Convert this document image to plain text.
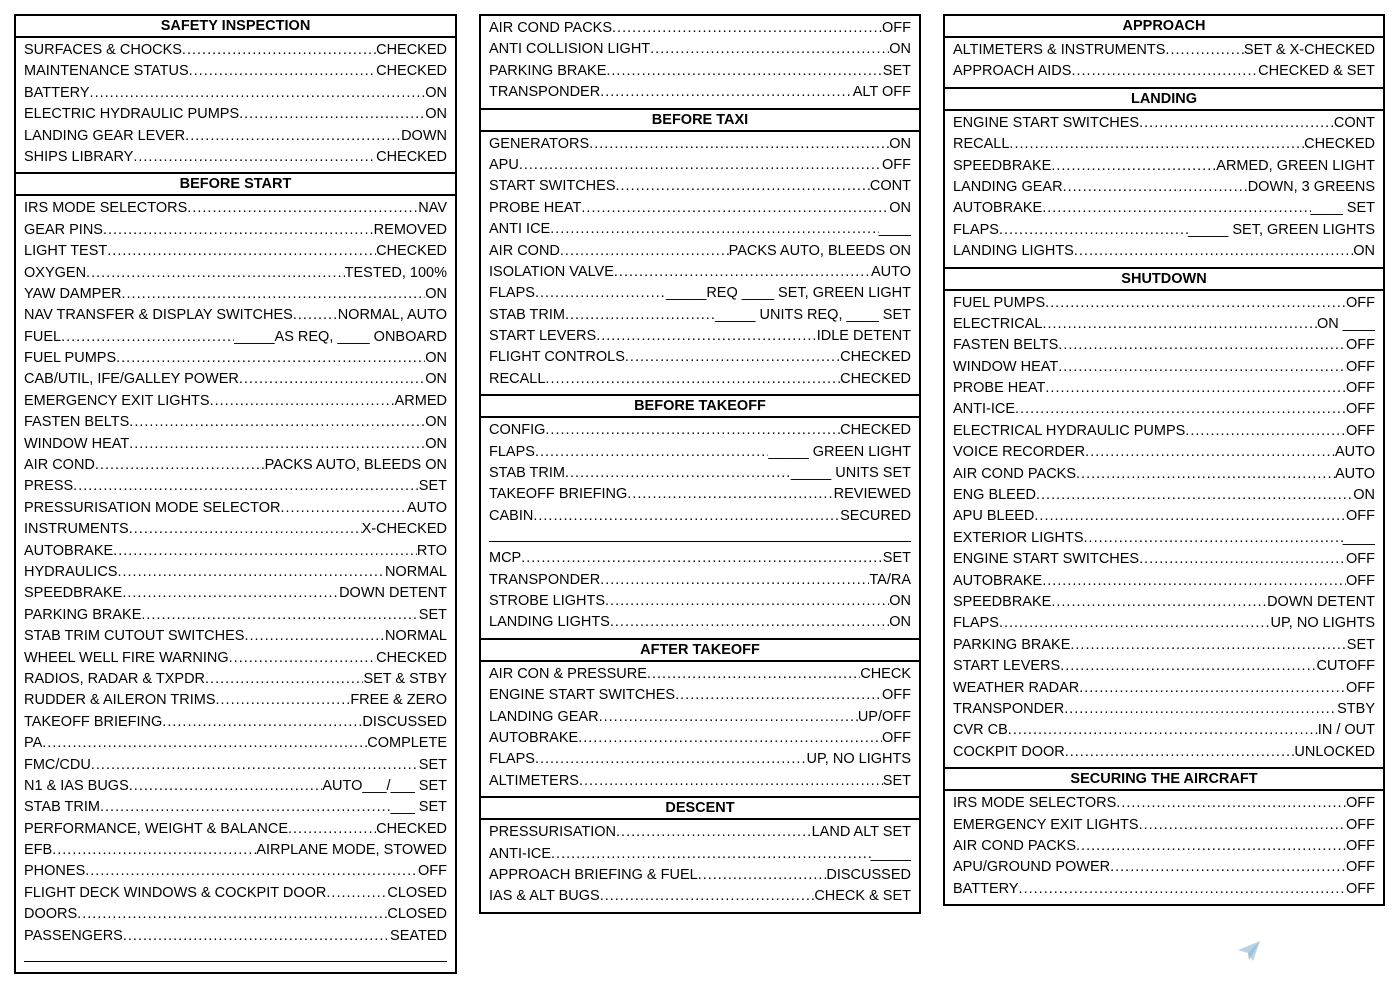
SAFETY INSPECTION
SURFACES & CHOCKS .....	CHECKED
MAINTENANCE STATUS .....	CHECKED
BATTERY .....	ON
ELECTRIC HYDRAULIC PUMPS .....	ON
LANDING GEAR LEVER .....	DOWN
SHIPS LIBRARY .....	CHECKED
BEFORE START
IRS MODE SELECTORS .....	NAV
GEAR PINS .....	REMOVED
LIGHT TEST .....	CHECKED
OXYGEN .....	TESTED, 100%
YAW DAMPER .....	ON
NAV TRANSFER & DISPLAY SWITCHES .....	NORMAL, AUTO
FUEL .....	_____AS REQ, ____ ONBOARD
FUEL PUMPS .....	ON
CAB/UTIL, IFE/GALLEY POWER .....	ON
EMERGENCY EXIT LIGHTS .....	ARMED
FASTEN BELTS .....	ON
WINDOW HEAT .....	ON
AIR COND .....	PACKS AUTO, BLEEDS ON
PRESS .....	SET
PRESSURISATION MODE SELECTOR .....	AUTO
INSTRUMENTS .....	X-CHECKED
AUTOBRAKE .....	RTO
HYDRAULICS .....	NORMAL
SPEEDBRAKE .....	DOWN DETENT
PARKING BRAKE .....	SET
STAB TRIM CUTOUT SWITCHES .....	NORMAL
WHEEL WELL FIRE WARNING .....	CHECKED
RADIOS, RADAR & TXPDR .....	SET & STBY
RUDDER & AILERON TRIMS .....	FREE & ZERO
TAKEOFF BRIEFING .....	DISCUSSED
PA .....	COMPLETE
FMC/CDU .....	SET
N1 & IAS BUGS .....	AUTO___/___ SET
STAB TRIM .....	___ SET
PERFORMANCE, WEIGHT & BALANCE .....	CHECKED
EFB .....	AIRPLANE MODE, STOWED
PHONES .....	OFF
FLIGHT DECK WINDOWS & COCKPIT DOOR .....	CLOSED
DOORS .....	CLOSED
PASSENGERS .....	SEATED
AIR COND PACKS .....	OFF
ANTI COLLISION LIGHT .....	ON
PARKING BRAKE .....	SET
TRANSPONDER .....	ALT OFF
BEFORE TAXI
GENERATORS .....	ON
APU .....	OFF
START SWITCHES .....	CONT
PROBE HEAT .....	ON
ANTI ICE .....	____
AIR COND .....	PACKS AUTO, BLEEDS ON
ISOLATION VALVE .....	AUTO
FLAPS .....	_____REQ ____ SET, GREEN LIGHT
STAB TRIM .....	_____ UNITS REQ, ____ SET
START LEVERS .....	IDLE DETENT
FLIGHT CONTROLS .....	CHECKED
RECALL .....	CHECKED
BEFORE TAKEOFF
CONFIG .....	CHECKED
FLAPS .....	_____ GREEN LIGHT
STAB TRIM .....	_____ UNITS SET
TAKEOFF BRIEFING .....	REVIEWED
CABIN .....	SECURED
MCP .....	SET
TRANSPONDER .....	TA/RA
STROBE LIGHTS .....	ON
LANDING LIGHTS .....	ON
AFTER TAKEOFF
AIR CON & PRESSURE .....	CHECK
ENGINE START SWITCHES .....	OFF
LANDING GEAR .....	UP/OFF
AUTOBRAKE .....	OFF
FLAPS .....	UP, NO LIGHTS
ALTIMETERS .....	SET
DESCENT
PRESSURISATION .....	LAND ALT SET
ANTI-ICE .....	_____
APPROACH BRIEFING & FUEL .....	DISCUSSED
IAS & ALT BUGS .....	CHECK & SET
APPROACH
ALTIMETERS & INSTRUMENTS .....	SET & X-CHECKED
APPROACH AIDS .....	CHECKED & SET
LANDING
ENGINE START SWITCHES .....	CONT
RECALL .....	CHECKED
SPEEDBRAKE .....	ARMED, GREEN LIGHT
LANDING GEAR .....	DOWN, 3 GREENS
AUTOBRAKE .....	____ SET
FLAPS .....	_____ SET, GREEN LIGHTS
LANDING LIGHTS .....	ON
SHUTDOWN
FUEL PUMPS .....	OFF
ELECTRICAL .....	ON ____
FASTEN BELTS .....	OFF
WINDOW HEAT .....	OFF
PROBE HEAT .....	OFF
ANTI-ICE .....	OFF
ELECTRICAL HYDRAULIC PUMPS .....	OFF
VOICE RECORDER .....	AUTO
AIR COND PACKS .....	AUTO
ENG BLEED .....	ON
APU BLEED .....	OFF
EXTERIOR LIGHTS .....	____
ENGINE START SWITCHES .....	OFF
AUTOBRAKE .....	OFF
SPEEDBRAKE .....	DOWN DETENT
FLAPS .....	UP, NO LIGHTS
PARKING BRAKE .....	SET
START LEVERS .....	CUTOFF
WEATHER RADAR .....	OFF
TRANSPONDER .....	STBY
CVR CB .....	IN / OUT
COCKPIT DOOR .....	UNLOCKED
SECURING THE AIRCRAFT
IRS MODE SELECTORS .....	OFF
EMERGENCY EXIT LIGHTS .....	OFF
AIR COND PACKS .....	OFF
APU/GROUND POWER .....	OFF
BATTERY .....	OFF
